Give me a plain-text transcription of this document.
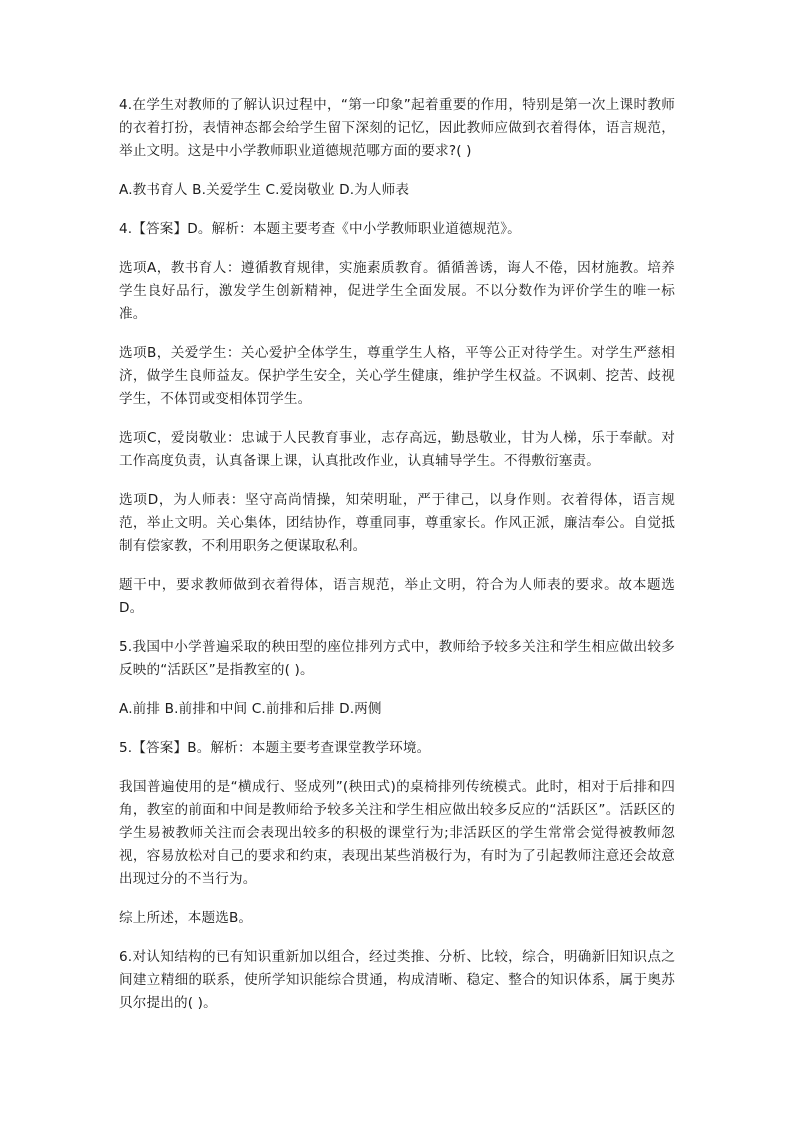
4.在学生对教师的了解认识过程中，“第一印象”起着重要的作用，特别是第一次上课时教师的衣着打扮，表情神态都会给学生留下深刻的记忆，因此教师应做到衣着得体，语言规范，举止文明。这是中小学教师职业道德规范哪方面的要求?( )

A.教书育人 B.关爱学生 C.爱岗敬业 D.为人师表

4.【答案】D。解析：本题主要考查《中小学教师职业道德规范》。

选项A，教书育人：遵循教育规律，实施素质教育。循循善诱，诲人不倦，因材施教。培养学生良好品行，激发学生创新精神，促进学生全面发展。不以分数作为评价学生的唯一标准。

选项B，关爱学生：关心爱护全体学生，尊重学生人格，平等公正对待学生。对学生严慈相济，做学生良师益友。保护学生安全，关心学生健康，维护学生权益。不讽刺、挖苦、歧视学生，不体罚或变相体罚学生。

选项C，爱岗敬业：忠诚于人民教育事业，志存高远，勤恳敬业，甘为人梯，乐于奉献。对工作高度负责，认真备课上课，认真批改作业，认真辅导学生。不得敷衍塞责。

选项D，为人师表：坚守高尚情操，知荣明耻，严于律己，以身作则。衣着得体，语言规范，举止文明。关心集体，团结协作，尊重同事，尊重家长。作风正派，廉洁奉公。自觉抵制有偿家教，不利用职务之便谋取私利。

题干中，要求教师做到衣着得体，语言规范，举止文明，符合为人师表的要求。故本题选D。

5.我国中小学普遍采取的秧田型的座位排列方式中，教师给予较多关注和学生相应做出较多反映的“活跃区”是指教室的( )。

A.前排 B.前排和中间 C.前排和后排 D.两侧

5.【答案】B。解析：本题主要考查课堂教学环境。

我国普遍使用的是“横成行、竖成列”(秧田式)的桌椅排列传统模式。此时，相对于后排和四角，教室的前面和中间是教师给予较多关注和学生相应做出较多反应的“活跃区”。活跃区的学生易被教师关注而会表现出较多的积极的课堂行为;非活跃区的学生常常会觉得被教师忽视，容易放松对自己的要求和约束，表现出某些消极行为，有时为了引起教师注意还会故意出现过分的不当行为。

综上所述，本题选B。

6.对认知结构的已有知识重新加以组合，经过类推、分析、比较，综合，明确新旧知识点之间建立精细的联系，使所学知识能综合贯通，构成清晰、稳定、整合的知识体系，属于奥苏贝尔提出的( )。
